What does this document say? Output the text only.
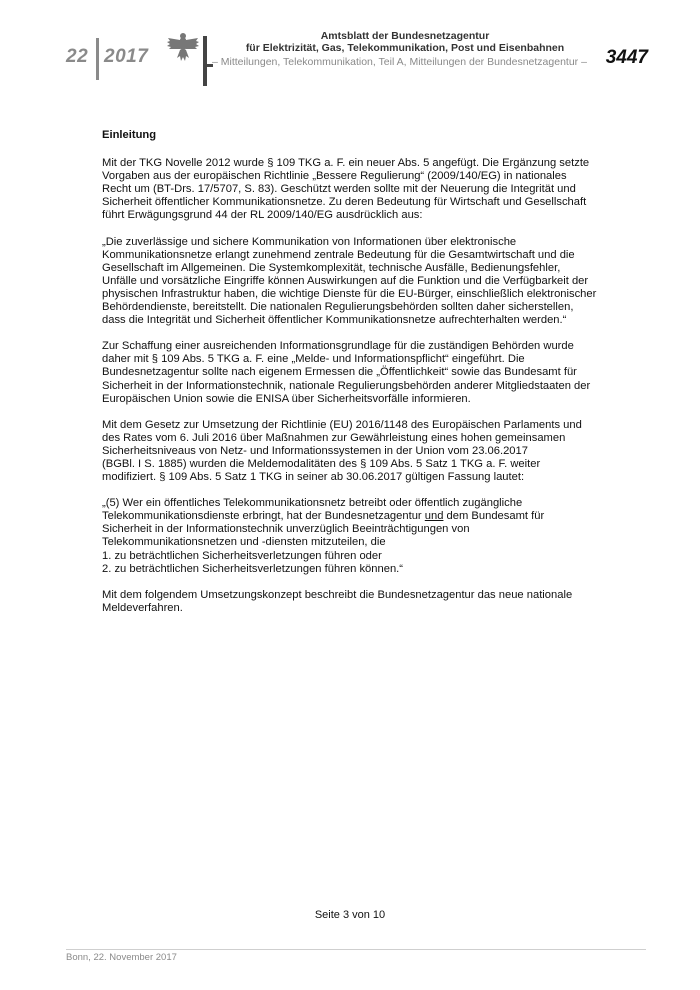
22 2017
Amtsblatt der Bundesnetzagentur
für Elektrizität, Gas, Telekommunikation, Post und Eisenbahnen
– Mitteilungen, Telekommunikation, Teil A, Mitteilungen der Bundesnetzagentur – 3447
Einleitung
Mit der TKG Novelle 2012 wurde § 109 TKG a. F. ein neuer Abs. 5 angefügt. Die Ergänzung setzte
Vorgaben aus der europäischen Richtlinie „Bessere Regulierung“ (2009/140/EG) in nationales
Recht um (BT-Drs. 17/5707, S. 83). Geschützt werden sollte mit der Neuerung die Integrität und
Sicherheit öffentlicher Kommunikationsnetze. Zu deren Bedeutung für Wirtschaft und Gesellschaft
führt Erwägungsgrund 44 der RL 2009/140/EG ausdrücklich aus:
„Die zuverlässige und sichere Kommunikation von Informationen über elektronische
Kommunikationsnetze erlangt zunehmend zentrale Bedeutung für die Gesamtwirtschaft und die
Gesellschaft im Allgemeinen. Die Systemkomplexität, technische Ausfälle, Bedienungsfehler,
Unfälle und vorsätzliche Eingriffe können Auswirkungen auf die Funktion und die Verfügbarkeit der
physischen Infrastruktur haben, die wichtige Dienste für die EU-Bürger, einschließlich elektronischer
Behördendienste, bereitstellt. Die nationalen Regulierungsbehörden sollten daher sicherstellen,
dass die Integrität und Sicherheit öffentlicher Kommunikationsnetze aufrechterhalten werden.“
Zur Schaffung einer ausreichenden Informationsgrundlage für die zuständigen Behörden wurde
daher mit § 109 Abs. 5 TKG a. F. eine „Melde- und Informationspflicht“ eingeführt. Die
Bundesnetzagentur sollte nach eigenem Ermessen die „Öffentlichkeit“ sowie das Bundesamt für
Sicherheit in der Informationstechnik, nationale Regulierungsbehörden anderer Mitgliedstaaten der
Europäischen Union sowie die ENISA über Sicherheitsvorfälle informieren.
Mit dem Gesetz zur Umsetzung der Richtlinie (EU) 2016/1148 des Europäischen Parlaments und
des Rates vom 6. Juli 2016 über Maßnahmen zur Gewährleistung eines hohen gemeinsamen
Sicherheitsniveaus von Netz- und Informationssystemen in der Union vom 23.06.2017
(BGBl. I S. 1885) wurden die Meldemodalitäten des § 109 Abs. 5 Satz 1 TKG a. F. weiter
modifiziert. § 109 Abs. 5 Satz 1 TKG in seiner ab 30.06.2017 gültigen Fassung lautet:
„(5) Wer ein öffentliches Telekommunikationsnetz betreibt oder öffentlich zugängliche
Telekommunikationsdienste erbringt, hat der Bundesnetzagentur und dem Bundesamt für
Sicherheit in der Informationstechnik unverzüglich Beeinträchtigungen von
Telekommunikationsnetzen und -diensten mitzuteilen, die
1. zu beträchtlichen Sicherheitsverletzungen führen oder
2. zu beträchtlichen Sicherheitsverletzungen führen können.“
Mit dem folgendem Umsetzungskonzept beschreibt die Bundesnetzagentur das neue nationale
Meldeverfahren.
Seite 3 von 10
Bonn, 22. November 2017
